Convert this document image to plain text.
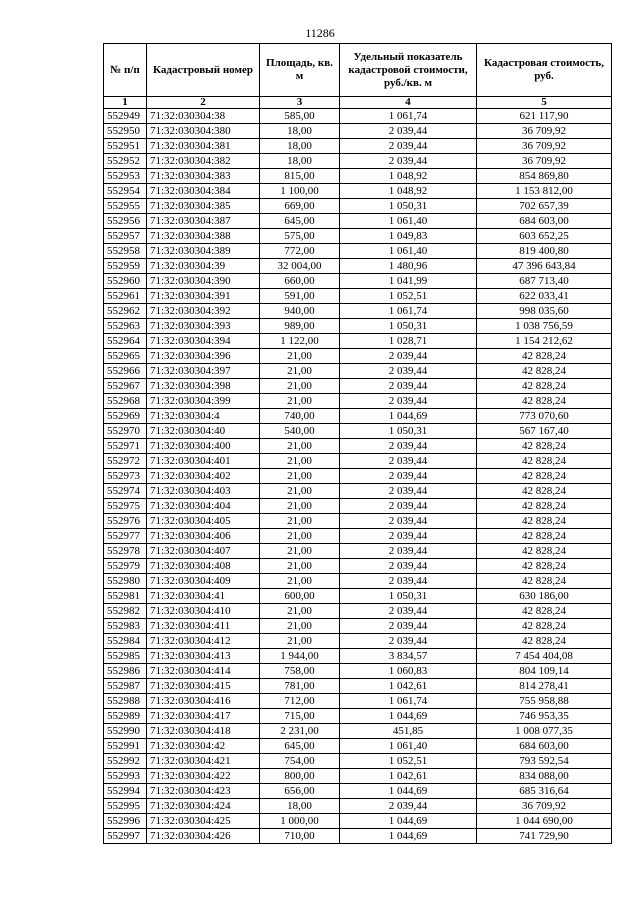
11286
№ п/п	Кадастровый номер	Площадь, кв. м	Удельный показатель кадастровой стоимости, руб./кв. м	Кадастровая стоимость, руб.
1	2	3	4	5
552949	71:32:030304:38	585,00	1 061,74	621 117,90
552950	71:32:030304:380	18,00	2 039,44	36 709,92
552951	71:32:030304:381	18,00	2 039,44	36 709,92
552952	71:32:030304:382	18,00	2 039,44	36 709,92
552953	71:32:030304:383	815,00	1 048,92	854 869,80
552954	71:32:030304:384	1 100,00	1 048,92	1 153 812,00
552955	71:32:030304:385	669,00	1 050,31	702 657,39
552956	71:32:030304:387	645,00	1 061,40	684 603,00
552957	71:32:030304:388	575,00	1 049,83	603 652,25
552958	71:32:030304:389	772,00	1 061,40	819 400,80
552959	71:32:030304:39	32 004,00	1 480,96	47 396 643,84
552960	71:32:030304:390	660,00	1 041,99	687 713,40
552961	71:32:030304:391	591,00	1 052,51	622 033,41
552962	71:32:030304:392	940,00	1 061,74	998 035,60
552963	71:32:030304:393	989,00	1 050,31	1 038 756,59
552964	71:32:030304:394	1 122,00	1 028,71	1 154 212,62
552965	71:32:030304:396	21,00	2 039,44	42 828,24
552966	71:32:030304:397	21,00	2 039,44	42 828,24
552967	71:32:030304:398	21,00	2 039,44	42 828,24
552968	71:32:030304:399	21,00	2 039,44	42 828,24
552969	71:32:030304:4	740,00	1 044,69	773 070,60
552970	71:32:030304:40	540,00	1 050,31	567 167,40
552971	71:32:030304:400	21,00	2 039,44	42 828,24
552972	71:32:030304:401	21,00	2 039,44	42 828,24
552973	71:32:030304:402	21,00	2 039,44	42 828,24
552974	71:32:030304:403	21,00	2 039,44	42 828,24
552975	71:32:030304:404	21,00	2 039,44	42 828,24
552976	71:32:030304:405	21,00	2 039,44	42 828,24
552977	71:32:030304:406	21,00	2 039,44	42 828,24
552978	71:32:030304:407	21,00	2 039,44	42 828,24
552979	71:32:030304:408	21,00	2 039,44	42 828,24
552980	71:32:030304:409	21,00	2 039,44	42 828,24
552981	71:32:030304:41	600,00	1 050,31	630 186,00
552982	71:32:030304:410	21,00	2 039,44	42 828,24
552983	71:32:030304:411	21,00	2 039,44	42 828,24
552984	71:32:030304:412	21,00	2 039,44	42 828,24
552985	71:32:030304:413	1 944,00	3 834,57	7 454 404,08
552986	71:32:030304:414	758,00	1 060,83	804 109,14
552987	71:32:030304:415	781,00	1 042,61	814 278,41
552988	71:32:030304:416	712,00	1 061,74	755 958,88
552989	71:32:030304:417	715,00	1 044,69	746 953,35
552990	71:32:030304:418	2 231,00	451,85	1 008 077,35
552991	71:32:030304:42	645,00	1 061,40	684 603,00
552992	71:32:030304:421	754,00	1 052,51	793 592,54
552993	71:32:030304:422	800,00	1 042,61	834 088,00
552994	71:32:030304:423	656,00	1 044,69	685 316,64
552995	71:32:030304:424	18,00	2 039,44	36 709,92
552996	71:32:030304:425	1 000,00	1 044,69	1 044 690,00
552997	71:32:030304:426	710,00	1 044,69	741 729,90
